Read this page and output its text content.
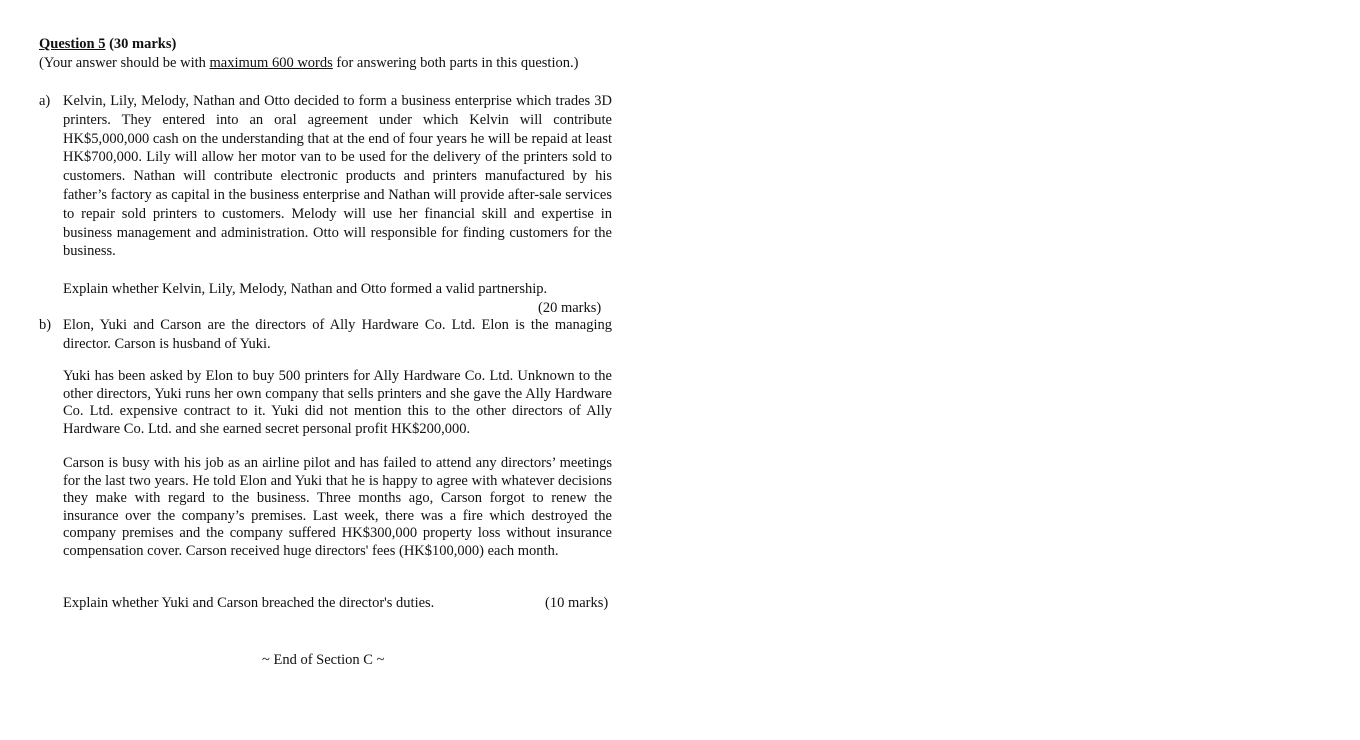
Question 5 (30 marks)
(Your answer should be with maximum 600 words for answering both parts in this question.)
a) Kelvin, Lily, Melody, Nathan and Otto decided to form a business enterprise which trades 3D printers. They entered into an oral agreement under which Kelvin will contribute HK$5,000,000 cash on the understanding that at the end of four years he will be repaid at least HK$700,000. Lily will allow her motor van to be used for the delivery of the printers sold to customers. Nathan will contribute electronic products and printers manufactured by his father’s factory as capital in the business enterprise and Nathan will provide after-sale services to repair sold printers to customers. Melody will use her financial skill and expertise in business management and administration. Otto will responsible for finding customers for the business.
Explain whether Kelvin, Lily, Melody, Nathan and Otto formed a valid partnership.
(20 marks)
b) Elon, Yuki and Carson are the directors of Ally Hardware Co. Ltd. Elon is the managing director. Carson is husband of Yuki.
Yuki has been asked by Elon to buy 500 printers for Ally Hardware Co. Ltd. Unknown to the other directors, Yuki runs her own company that sells printers and she gave the Ally Hardware Co. Ltd. expensive contract to it. Yuki did not mention this to the other directors of Ally Hardware Co. Ltd. and she earned secret personal profit HK$200,000.
Carson is busy with his job as an airline pilot and has failed to attend any directors’ meetings for the last two years. He told Elon and Yuki that he is happy to agree with whatever decisions they make with regard to the business. Three months ago, Carson forgot to renew the insurance over the company’s premises. Last week, there was a fire which destroyed the company premises and the company suffered HK$300,000 property loss without insurance compensation cover. Carson received huge directors' fees (HK$100,000) each month.
Explain whether Yuki and Carson breached the director's duties.	(10 marks)
~ End of Section C ~
